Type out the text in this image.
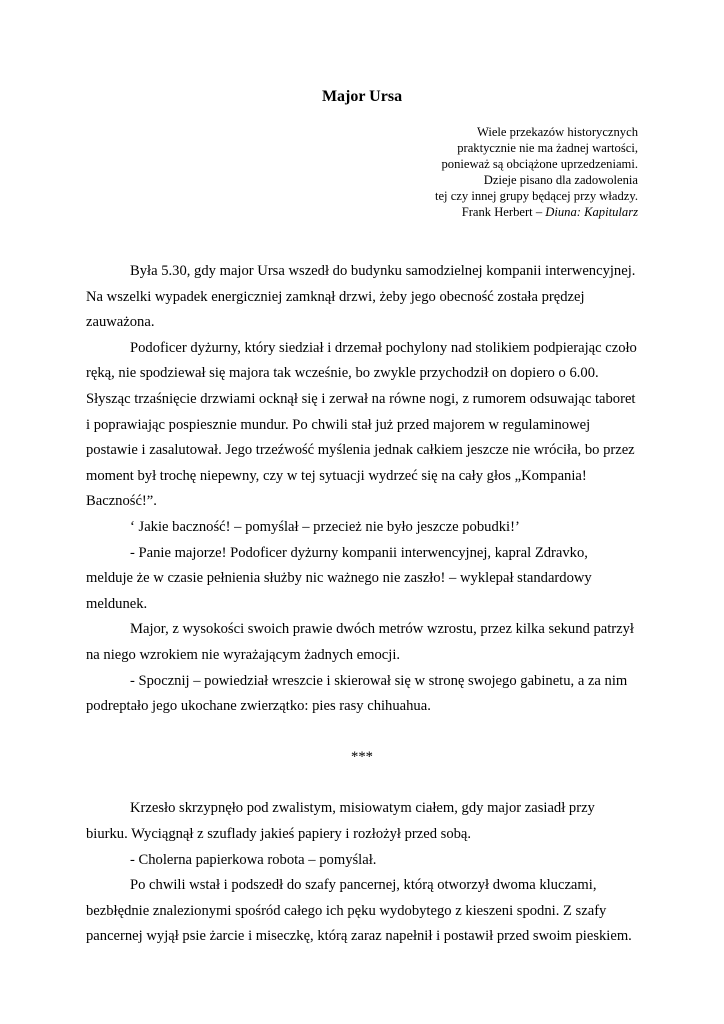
Major Ursa
Wiele przekazów historycznych
praktycznie nie ma żadnej wartości,
ponieważ są obciążone uprzedzeniami.
Dzieje pisano dla zadowolenia
tej czy innej grupy będącej przy władzy.
Frank Herbert – Diuna: Kapitularz

Była 5.30, gdy major Ursa wszedł do budynku samodzielnej kompanii interwencyjnej. Na wszelki wypadek energiczniej zamknął drzwi, żeby jego obecność została prędzej zauważona.

Podoficer dyżurny, który siedział i drzemał pochylony nad stolikiem podpierając czoło ręką, nie spodziewał się majora tak wcześnie, bo zwykle przychodził on dopiero o 6.00. Słysząc trzaśnięcie drzwiami ocknął się i zerwał na równe nogi, z rumorem odsuwając taboret i poprawiając pospiesznie mundur. Po chwili stał już przed majorem w regulaminowej postawie i zasalutował. Jego trzeźwość myślenia jednak całkiem jeszcze nie wróciła, bo przez moment był trochę niepewny, czy w tej sytuacji wydrzeć się na cały głos „Kompania! Baczność!”.

‘ Jakie baczność! – pomyślał – przecież nie było jeszcze pobudki!’

- Panie majorze! Podoficer dyżurny kompanii interwencyjnej, kapral Zdravko, melduje że w czasie pełnienia służby nic ważnego nie zaszło! – wyklepał standardowy meldunek.

Major, z wysokości swoich prawie dwóch metrów wzrostu, przez kilka sekund patrzył na niego wzrokiem nie wyrażającym żadnych emocji.

- Spocznij – powiedział wreszcie i skierował się w stronę swojego gabinetu, a za nim podreptało jego ukochane zwierzątko: pies rasy chihuahua.

***

Krzesło skrzypnęło pod zwalistym, misiowatym ciałem, gdy major zasiadł przy biurku. Wyciągnął z szuflady jakieś papiery i rozłożył przed sobą.

- Cholerna papierkowa robota – pomyślał.

Po chwili wstał i podszedł do szafy pancernej, którą otworzył dwoma kluczami, bezbłędnie znalezionymi spośród całego ich pęku wydobytego z kieszeni spodni. Z szafy pancernej wyjął psie żarcie i miseczkę, którą zaraz napełnił i postawił przed swoim pieskiem.
